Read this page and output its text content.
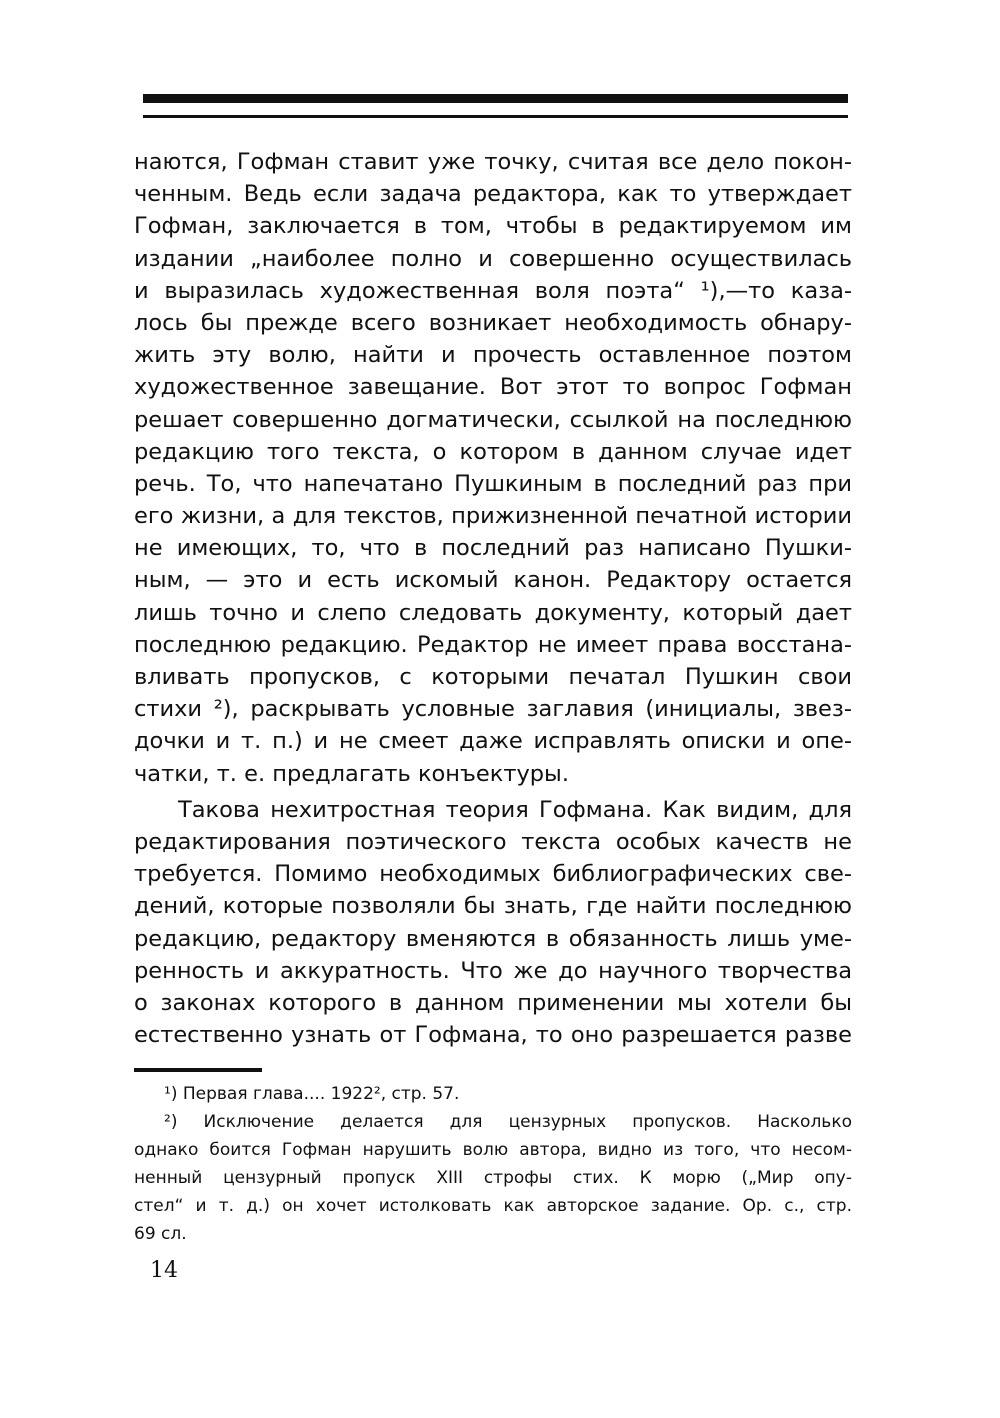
наются, Гофман ставит уже точку, считая все дело покон-
ченным. Ведь если задача редактора, как то утверждает
Гофман, заключается в том, чтобы в редактируемом им
издании „наиболее полно и совершенно осуществилась
и выразилась художественная воля поэта“ ¹),—то каза-
лось бы прежде всего возникает необходимость обнару-
жить эту волю, найти и прочесть оставленное поэтом
художественное завещание. Вот этот то вопрос Гофман
решает совершенно догматически, ссылкой на последнюю
редакцию того текста, о котором в данном случае идет
речь. То, что напечатано Пушкиным в последний раз при
его жизни, а для текстов, прижизненной печатной истории
не имеющих, то, что в последний раз написано Пушки-
ным, — это и есть искомый канон. Редактору остается
лишь точно и слепо следовать документу, который дает
последнюю редакцию. Редактор не имеет права восстана-
вливать пропусков, с которыми печатал Пушкин свои
стихи ²), раскрывать условные заглавия (инициалы, звез-
дочки и т. п.) и не смеет даже исправлять описки и опе-
чатки, т. е. предлагать конъектуры.
Такова нехитростная теория Гофмана. Как видим, для
редактирования поэтического текста особых качеств не
требуется. Помимо необходимых библиографических све-
дений, которые позволяли бы знать, где найти последнюю
редакцию, редактору вменяются в обязанность лишь уме-
ренность и аккуратность. Что же до научного творчества
о законах которого в данном применении мы хотели бы
естественно узнать от Гофмана, то оно разрешается разве
¹) Первая глава.... 1922², стр. 57.
²) Исключение делается для цензурных пропусков. Насколько
однако боится Гофман нарушить волю автора, видно из того, что несом-
ненный цензурный пропуск XIII строфы стих. К морю („Мир опу-
стел“ и т. д.) он хочет истолковать как авторское задание. Ор. с., стр.
69 сл.
14
